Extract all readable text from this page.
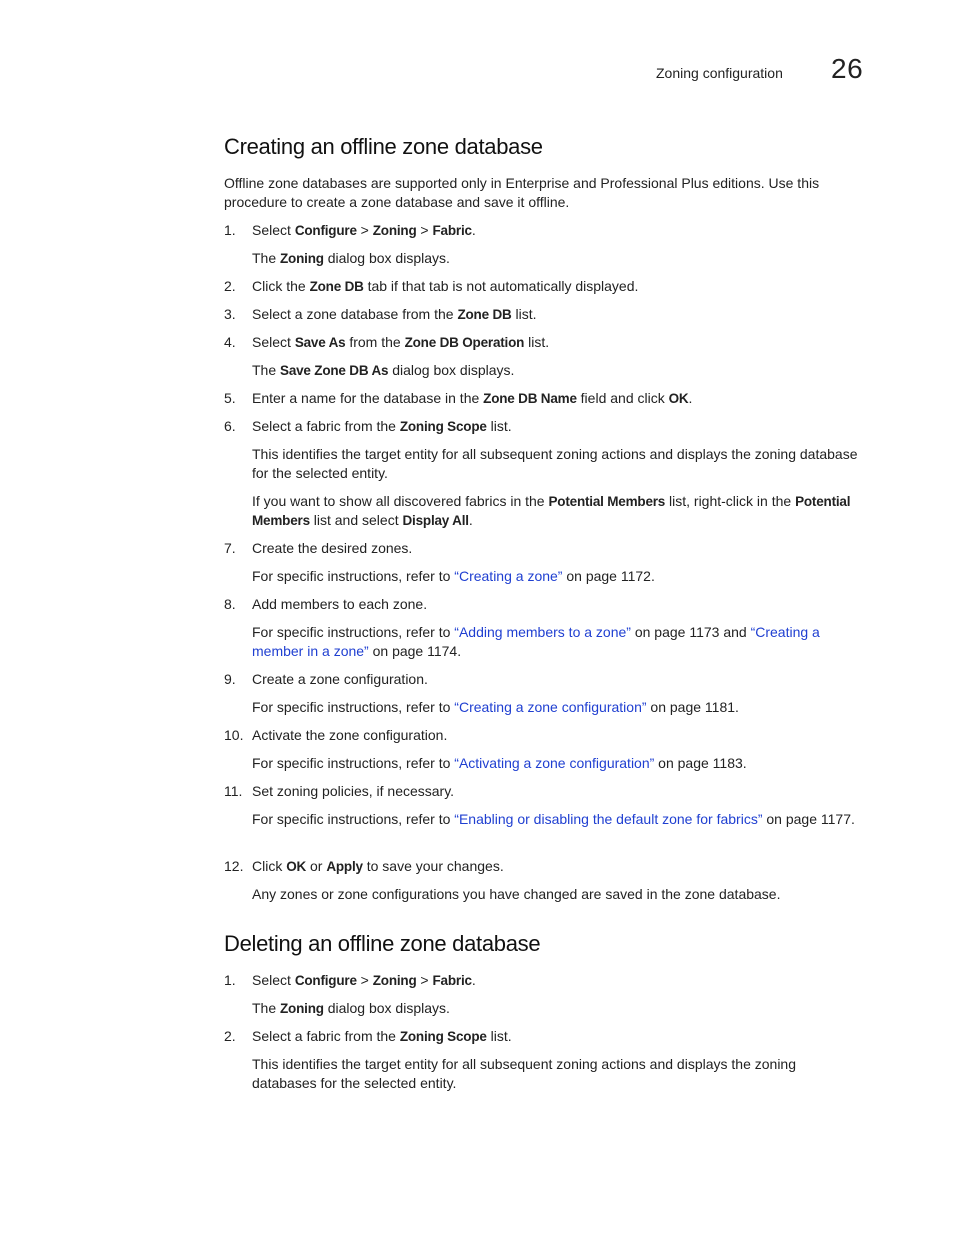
Zoning configuration 26
Creating an offline zone database
Offline zone databases are supported only in Enterprise and Professional Plus editions. Use this procedure to create a zone database and save it offline.
1. Select Configure > Zoning > Fabric.
The Zoning dialog box displays.
2. Click the Zone DB tab if that tab is not automatically displayed.
3. Select a zone database from the Zone DB list.
4. Select Save As from the Zone DB Operation list.
The Save Zone DB As dialog box displays.
5. Enter a name for the database in the Zone DB Name field and click OK.
6. Select a fabric from the Zoning Scope list.
This identifies the target entity for all subsequent zoning actions and displays the zoning database for the selected entity.
If you want to show all discovered fabrics in the Potential Members list, right-click in the Potential Members list and select Display All.
7. Create the desired zones.
For specific instructions, refer to “Creating a zone” on page 1172.
8. Add members to each zone.
For specific instructions, refer to “Adding members to a zone” on page 1173 and “Creating a member in a zone” on page 1174.
9. Create a zone configuration.
For specific instructions, refer to “Creating a zone configuration” on page 1181.
10. Activate the zone configuration.
For specific instructions, refer to “Activating a zone configuration” on page 1183.
11. Set zoning policies, if necessary.
For specific instructions, refer to “Enabling or disabling the default zone for fabrics” on page 1177.
12. Click OK or Apply to save your changes.
Any zones or zone configurations you have changed are saved in the zone database.
Deleting an offline zone database
1. Select Configure > Zoning > Fabric.
The Zoning dialog box displays.
2. Select a fabric from the Zoning Scope list.
This identifies the target entity for all subsequent zoning actions and displays the zoning databases for the selected entity.
